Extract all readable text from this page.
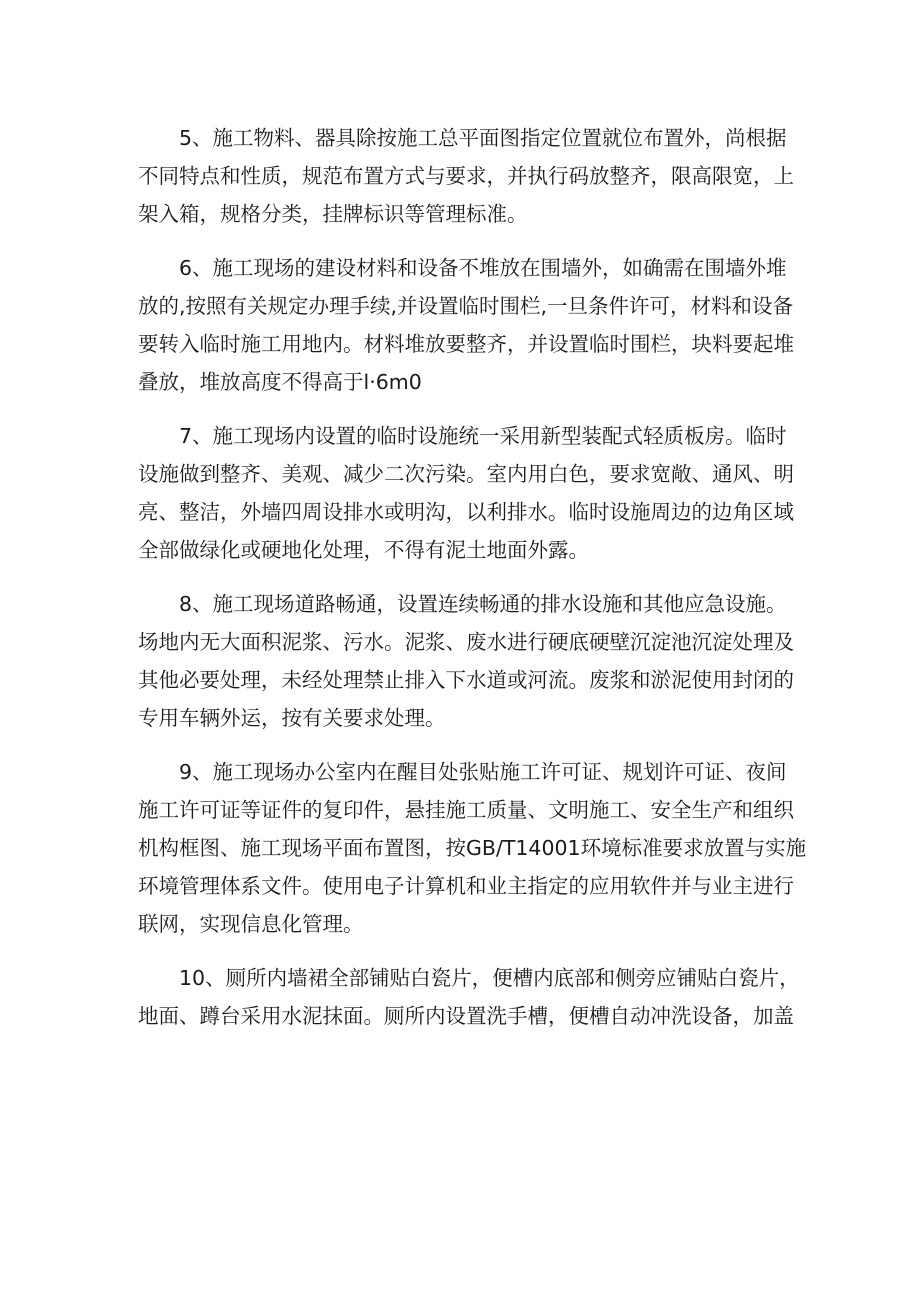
5、施工物料、器具除按施工总平面图指定位置就位布置外，尚根据
不同特点和性质，规范布置方式与要求，并执行码放整齐，限高限宽，上
架入箱，规格分类，挂牌标识等管理标准。
6、施工现场的建设材料和设备不堆放在围墙外，如确需在围墙外堆
放的,按照有关规定办理手续,并设置临时围栏,一旦条件许可，材料和设备
要转入临时施工用地内。材料堆放要整齐，并设置临时围栏，块料要起堆
叠放，堆放高度不得高于l·6m0
7、施工现场内设置的临时设施统一采用新型装配式轻质板房。临时
设施做到整齐、美观、减少二次污染。室内用白色，要求宽敞、通风、明
亮、整洁，外墙四周设排水或明沟，以利排水。临时设施周边的边角区域
全部做绿化或硬地化处理，不得有泥土地面外露。
8、施工现场道路畅通，设置连续畅通的排水设施和其他应急设施。
场地内无大面积泥浆、污水。泥浆、废水进行硬底硬壁沉淀池沉淀处理及
其他必要处理，未经处理禁止排入下水道或河流。废浆和淤泥使用封闭的
专用车辆外运，按有关要求处理。
9、施工现场办公室内在醒目处张贴施工许可证、规划许可证、夜间
施工许可证等证件的复印件，悬挂施工质量、文明施工、安全生产和组织
机构框图、施工现场平面布置图，按GB/T14001环境标准要求放置与实施
环境管理体系文件。使用电子计算机和业主指定的应用软件并与业主进行
联网，实现信息化管理。
10、厕所内墙裙全部铺贴白瓷片，便槽内底部和侧旁应铺贴白瓷片，
地面、蹲台采用水泥抹面。厕所内设置洗手槽，便槽自动冲洗设备，加盖
